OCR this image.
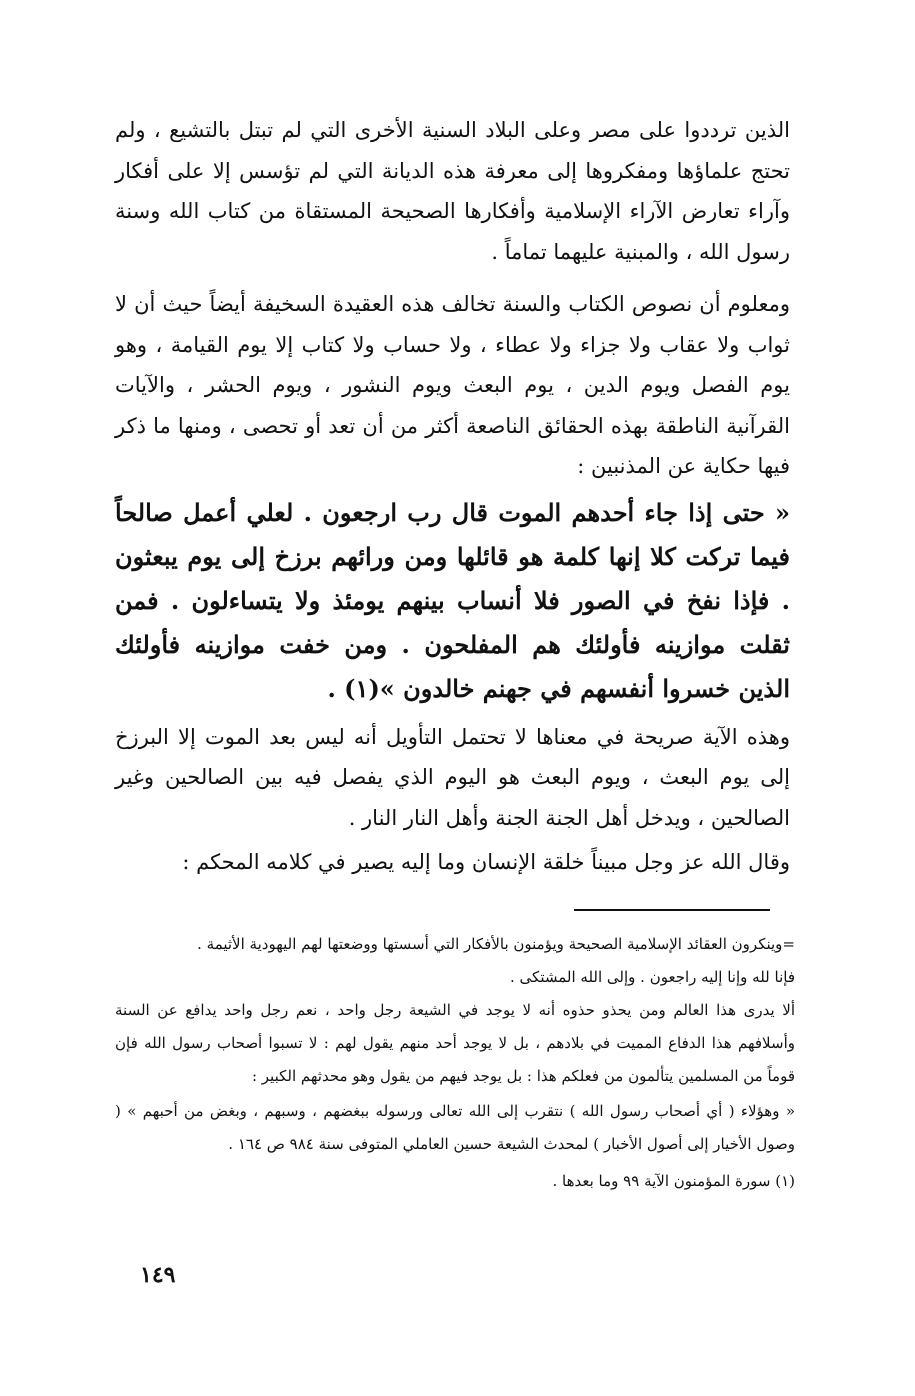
الذين ترددوا على مصر وعلى البلاد السنية الأخرى التي لم تبتل بالتشيع ، ولم تحتج علماؤها ومفكروها إلى معرفة هذه الديانة التي لم تؤسس إلا على أفكار وآراء تعارض الآراء الإسلامية وأفكارها الصحيحة المستقاة من كتاب الله وسنة رسول الله ، والمبنية عليهما تماماً .

ومعلوم أن نصوص الكتاب والسنة تخالف هذه العقيدة السخيفة أيضاً حيث أن لا ثواب ولا عقاب ولا جزاء ولا عطاء ، ولا حساب ولا كتاب إلا يوم القيامة ، وهو يوم الفصل ويوم الدين ، يوم البعث ويوم النشور ، ويوم الحشر ، والآيات القرآنية الناطقة بهذه الحقائق الناصعة أكثر من أن تعد أو تحصى ، ومنها ما ذكر فيها حكاية عن المذنبين :

« حتى إذا جاء أحدهم الموت قال رب ارجعون . لعلي أعمل صالحاً فيما تركت كلا إنها كلمة هو قائلها ومن ورائهم برزخ إلى يوم يبعثون . فإذا نفخ في الصور فلا أنساب بينهم يومئذ ولا يتساءلون . فمن ثقلت موازينه فأولئك هم المفلحون . ومن خفت موازينه فأولئك الذين خسروا أنفسهم في جهنم خالدون »(١) .

وهذه الآية صريحة في معناها لا تحتمل التأويل أنه ليس بعد الموت إلا البرزخ إلى يوم البعث ، ويوم البعث هو اليوم الذي يفصل فيه بين الصالحين وغير الصالحين ، ويدخل أهل الجنة الجنة وأهل النار النار .

وقال الله عز وجل مبيناً خلقة الإنسان وما إليه يصير في كلامه المحكم :

=وينكرون العقائد الإسلامية الصحيحة ويؤمنون بالأفكار التي أسستها ووضعتها لهم اليهودية الأثيمة .

فإنا لله وإنا إليه راجعون . وإلى الله المشتكى .

ألا يدرى هذا العالم ومن يحذو حذوه أنه لا يوجد في الشيعة رجل واحد ، نعم رجل واحد يدافع عن السنة وأسلافهم هذا الدفاع المميت في بلادهم ، بل لا يوجد أحد منهم يقول لهم : لا تسبوا أصحاب رسول الله فإن قوماً من المسلمين يتألمون من فعلكم هذا : بل يوجد فيهم من يقول وهو محدثهم الكبير :

« وهؤلاء ( أي أصحاب رسول الله ) نتقرب إلى الله تعالى ورسوله ببغضهم ، وسبهم ، وبغض من أحبهم » ( وصول الأخيار إلى أصول الأخبار ) لمحدث الشيعة حسين العاملي المتوفى سنة ٩٨٤ ص ١٦٤ .

(١) سورة المؤمنون الآية ٩٩ وما بعدها .

١٤٩
